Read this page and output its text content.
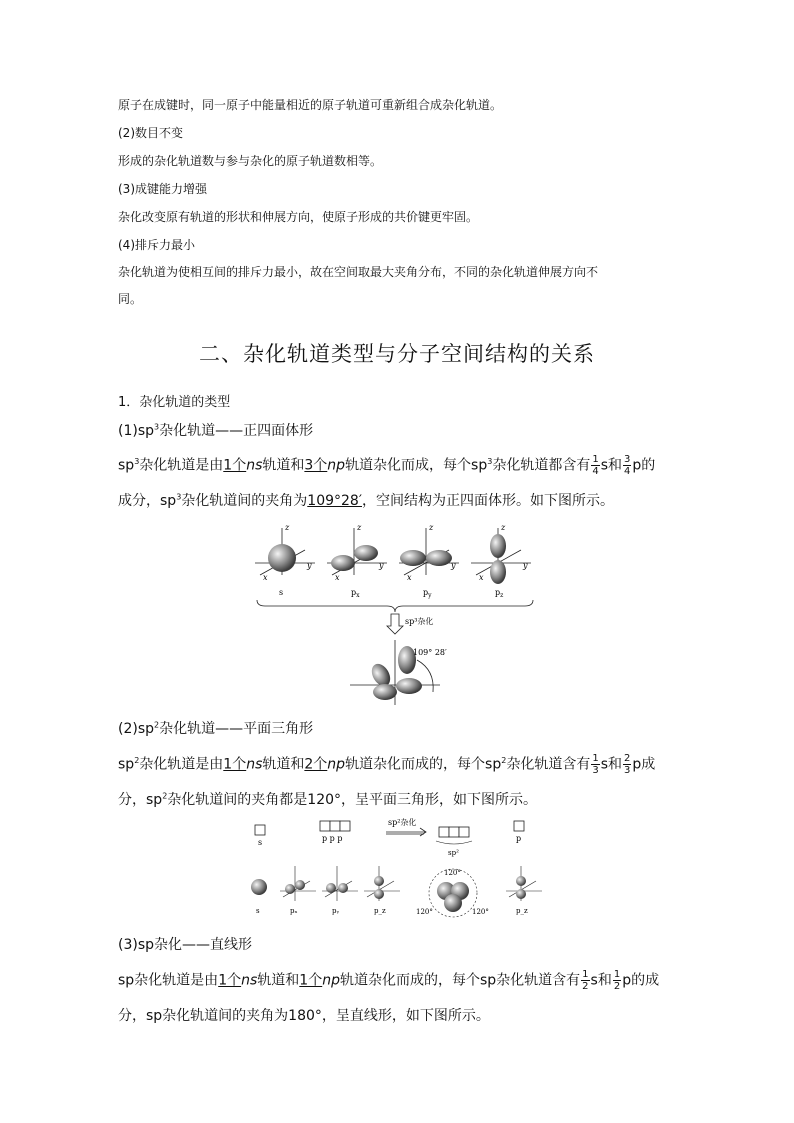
原子在成键时，同一原子中能量相近的原子轨道可重新组合成杂化轨道。
(2)数目不变
形成的杂化轨道数与参与杂化的原子轨道数相等。
(3)成键能力增强
杂化改变原有轨道的形状和伸展方向，使原子形成的共价键更牢固。
(4)排斥力最小
杂化轨道为使相互间的排斥力最小，故在空间取最大夹角分布，不同的杂化轨道伸展方向不
同。
二、杂化轨道类型与分子空间结构的关系
1．杂化轨道的类型
$(1)sp^3$杂化轨道——正四面体形
$sp^3$杂化轨道是由1个ns轨道和3个np轨道杂化而成，每个$sp^3$杂化轨道都含有 $\frac{1}{4}$ s和 $\frac{3}{4}$ p的
成分，$sp^3$杂化轨道间的夹角为109°28′，空间结构为正四面体形。如下图所示。
z
x
y
s
z
x
y
$p_x$
z
x
y
$p_y$
z
x
y
$p_z$
sp³杂化
109° 28′
$(2)sp^2$杂化轨道——平面三角形
$sp^2$杂化轨道是由1个ns轨道和2个np轨道杂化而成的，每个$sp^2$杂化轨道含有 $\frac{1}{3}$ s和 $\frac{2}{3}$ p成
分，$sp^2$杂化轨道间的夹角都是120°，呈平面三角形，如下图所示。
s	p p p
sp²杂化
sp²
p
s	pₓ	pᵧ	p_z
120°
120°	120°	p_z
(3)sp杂化——直线形
sp杂化轨道是由1个ns轨道和1个np轨道杂化而成的，每个sp杂化轨道含有 $\frac{1}{2}$ s和 $\frac{1}{2}$ p的成
分，sp杂化轨道间的夹角为180°，呈直线形，如下图所示。
